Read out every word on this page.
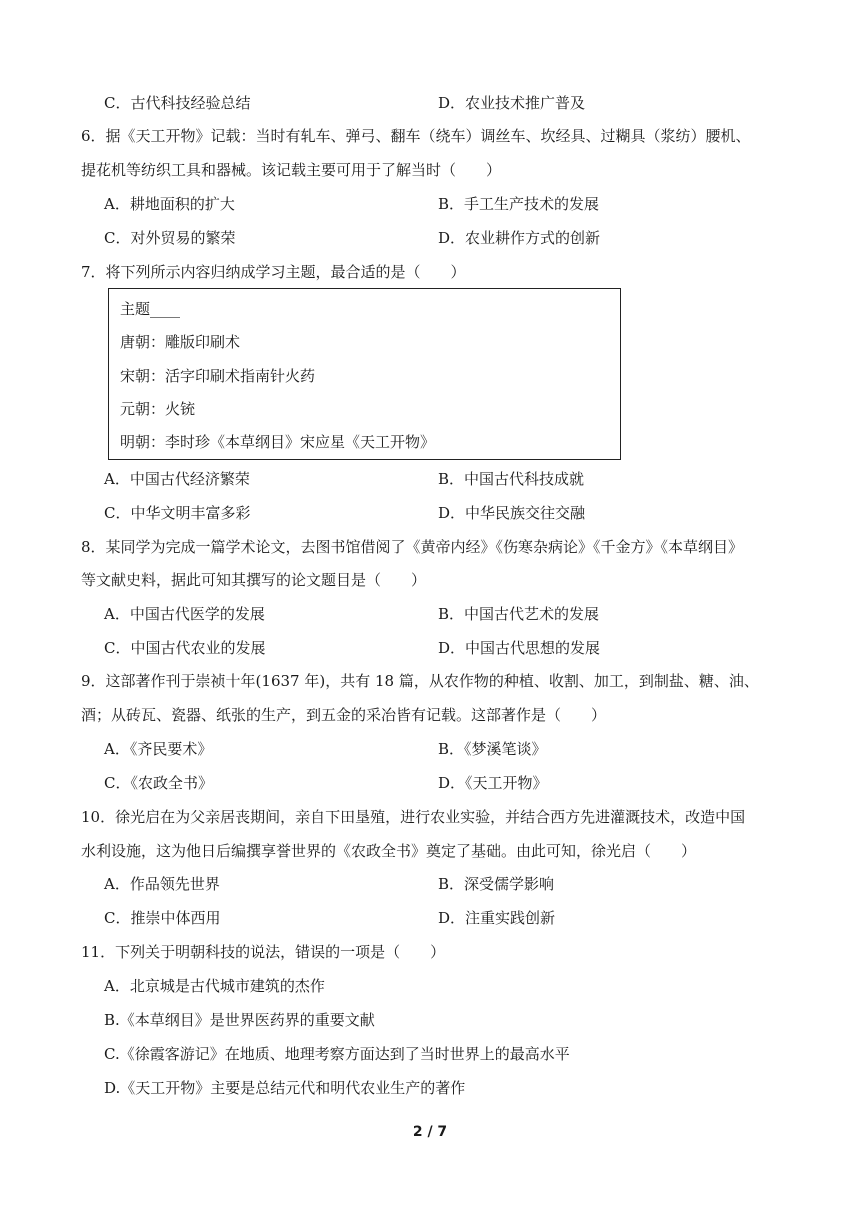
C．古代科技经验总结	D．农业技术推广普及
6．据《天工开物》记载：当时有轧车、弹弓、翻车（绕车）调丝车、坎经具、过糊具（浆纺）腰机、
提花机等纺织工具和器械。该记载主要可用于了解当时（　　）
A．耕地面积的扩大	B．手工生产技术的发展
C．对外贸易的繁荣	D．农业耕作方式的创新
7．将下列所示内容归纳成学习主题，最合适的是（　　）
主题____
唐朝：雕版印刷术
宋朝：活字印刷术指南针火药
元朝：火铳
明朝：李时珍《本草纲目》宋应星《天工开物》
A．中国古代经济繁荣	B．中国古代科技成就
C．中华文明丰富多彩	D．中华民族交往交融
8．某同学为完成一篇学术论文，去图书馆借阅了《黄帝内经》《伤寒杂病论》《千金方》《本草纲目》
等文献史料，据此可知其撰写的论文题目是（　　）
A．中国古代医学的发展	B．中国古代艺术的发展
C．中国古代农业的发展	D．中国古代思想的发展
9．这部著作刊于崇祯十年(1637 年)，共有 18 篇，从农作物的种植、收割、加工，到制盐、糖、油、
酒；从砖瓦、瓷器、纸张的生产，到五金的采冶皆有记载。这部著作是（　　）
A．《齐民要术》	B．《梦溪笔谈》
C．《农政全书》	D．《天工开物》
10．徐光启在为父亲居丧期间，亲自下田垦殖，进行农业实验，并结合西方先进灌溉技术，改造中国
水利设施，这为他日后编撰享誉世界的《农政全书》奠定了基础。由此可知，徐光启（　　）
A．作品领先世界	B．深受儒学影响
C．推崇中体西用	D．注重实践创新
11．下列关于明朝科技的说法，错误的一项是（　　）
A．北京城是古代城市建筑的杰作
B.《本草纲目》是世界医药界的重要文献
C.《徐霞客游记》在地质、地理考察方面达到了当时世界上的最高水平
D.《天工开物》主要是总结元代和明代农业生产的著作
2 / 7
